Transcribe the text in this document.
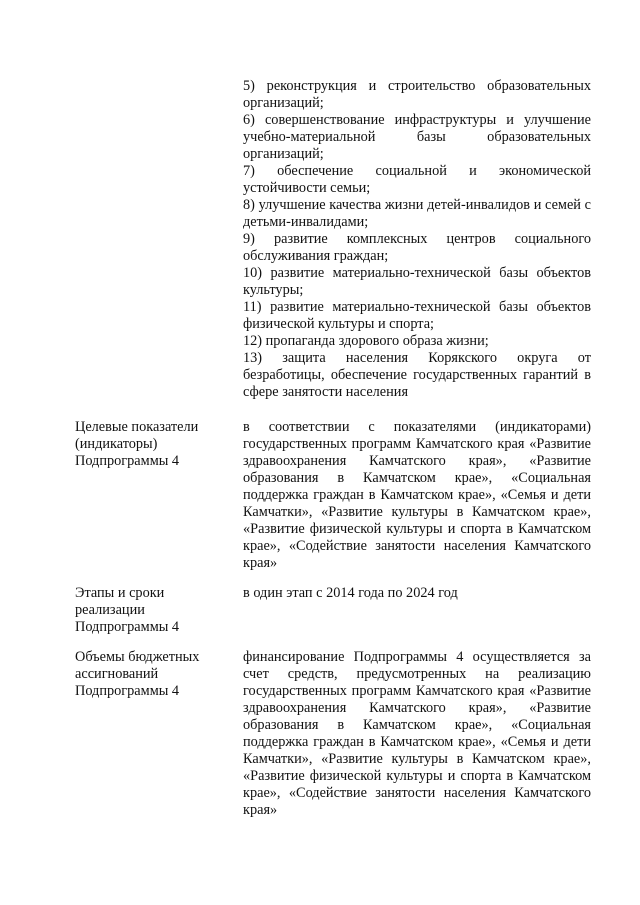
5) реконструкция и строительство образовательных организаций;
6) совершенствование инфраструктуры и улучшение учебно-материальной базы образовательных организаций;
7) обеспечение социальной и экономической устойчивости семьи;
8) улучшение качества жизни детей-инвалидов и семей с детьми-инвалидами;
9) развитие комплексных центров социального обслуживания граждан;
10) развитие материально-технической базы объектов культуры;
11) развитие материально-технической базы объектов физической культуры и спорта;
12) пропаганда здорового образа жизни;
13) защита населения Корякского округа от безработицы, обеспечение государственных гарантий в сфере занятости населения
Целевые показатели
(индикаторы)
Подпрограммы 4
в соответствии с показателями (индикаторами) государственных программ Камчатского края «Развитие здравоохранения Камчатского края», «Развитие образования в Камчатском крае», «Социальная поддержка граждан в Камчатском крае», «Семья и дети Камчатки», «Развитие культуры в Камчатском крае», «Развитие физической культуры и спорта в Камчатском крае», «Содействие занятости населения Камчатского края»
Этапы и сроки
реализации
Подпрограммы 4
в один этап с 2014 года по 2024 год
Объемы бюджетных
ассигнований
Подпрограммы 4
финансирование Подпрограммы 4 осуществляется за счет средств, предусмотренных на реализацию государственных программ Камчатского края «Развитие здравоохранения Камчатского края», «Развитие образования в Камчатском крае», «Социальная поддержка граждан в Камчатском крае», «Семья и дети Камчатки», «Развитие культуры в Камчатском крае», «Развитие физической культуры и спорта в Камчатском крае», «Содействие занятости населения Камчатского края»
